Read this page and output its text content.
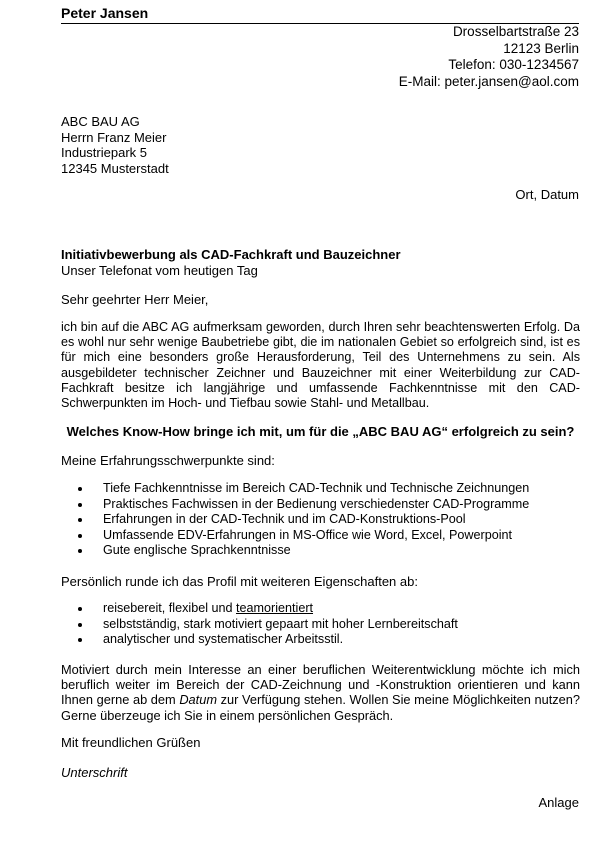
Peter Jansen
Drosselbartstraße 23
12123 Berlin
Telefon: 030-1234567
E-Mail: peter.jansen@aol.com
ABC BAU AG
Herrn Franz Meier
Industriepark 5
12345 Musterstadt
Ort, Datum
Initiativbewerbung als CAD-Fachkraft und Bauzeichner
Unser Telefonat vom heutigen Tag
Sehr geehrter Herr Meier,
ich bin auf die ABC AG aufmerksam geworden, durch Ihren sehr beachtenswerten Erfolg. Da es wohl nur sehr wenige Baubetriebe gibt, die im nationalen Gebiet so erfolgreich sind, ist es für mich eine besonders große Herausforderung, Teil des Unternehmens zu sein. Als ausgebildeter technischer Zeichner und Bauzeichner mit einer Weiterbildung zur CAD-Fachkraft besitze ich langjährige und umfassende Fachkenntnisse mit den CAD-Schwerpunkten im Hoch- und Tiefbau sowie Stahl- und Metallbau.
Welches Know-How bringe ich mit, um für die „ABC BAU AG“ erfolgreich zu sein?
Meine Erfahrungsschwerpunkte sind:
Tiefe Fachkenntnisse im Bereich CAD-Technik und Technische Zeichnungen
Praktisches Fachwissen in der Bedienung verschiedenster CAD-Programme
Erfahrungen in der CAD-Technik und im CAD-Konstruktions-Pool
Umfassende EDV-Erfahrungen in MS-Office wie Word, Excel, Powerpoint
Gute englische Sprachkenntnisse
Persönlich runde ich das Profil mit weiteren Eigenschaften ab:
reisebereit, flexibel und teamorientiert
selbstständig, stark motiviert gepaart mit hoher Lernbereitschaft
analytischer und systematischer Arbeitsstil.
Motiviert durch mein Interesse an einer beruflichen Weiterentwicklung möchte ich mich beruflich weiter im Bereich der CAD-Zeichnung und -Konstruktion orientieren und kann Ihnen gerne ab dem Datum zur Verfügung stehen. Wollen Sie meine Möglichkeiten nutzen? Gerne überzeuge ich Sie in einem persönlichen Gespräch.
Mit freundlichen Grüßen
Unterschrift
Anlage
